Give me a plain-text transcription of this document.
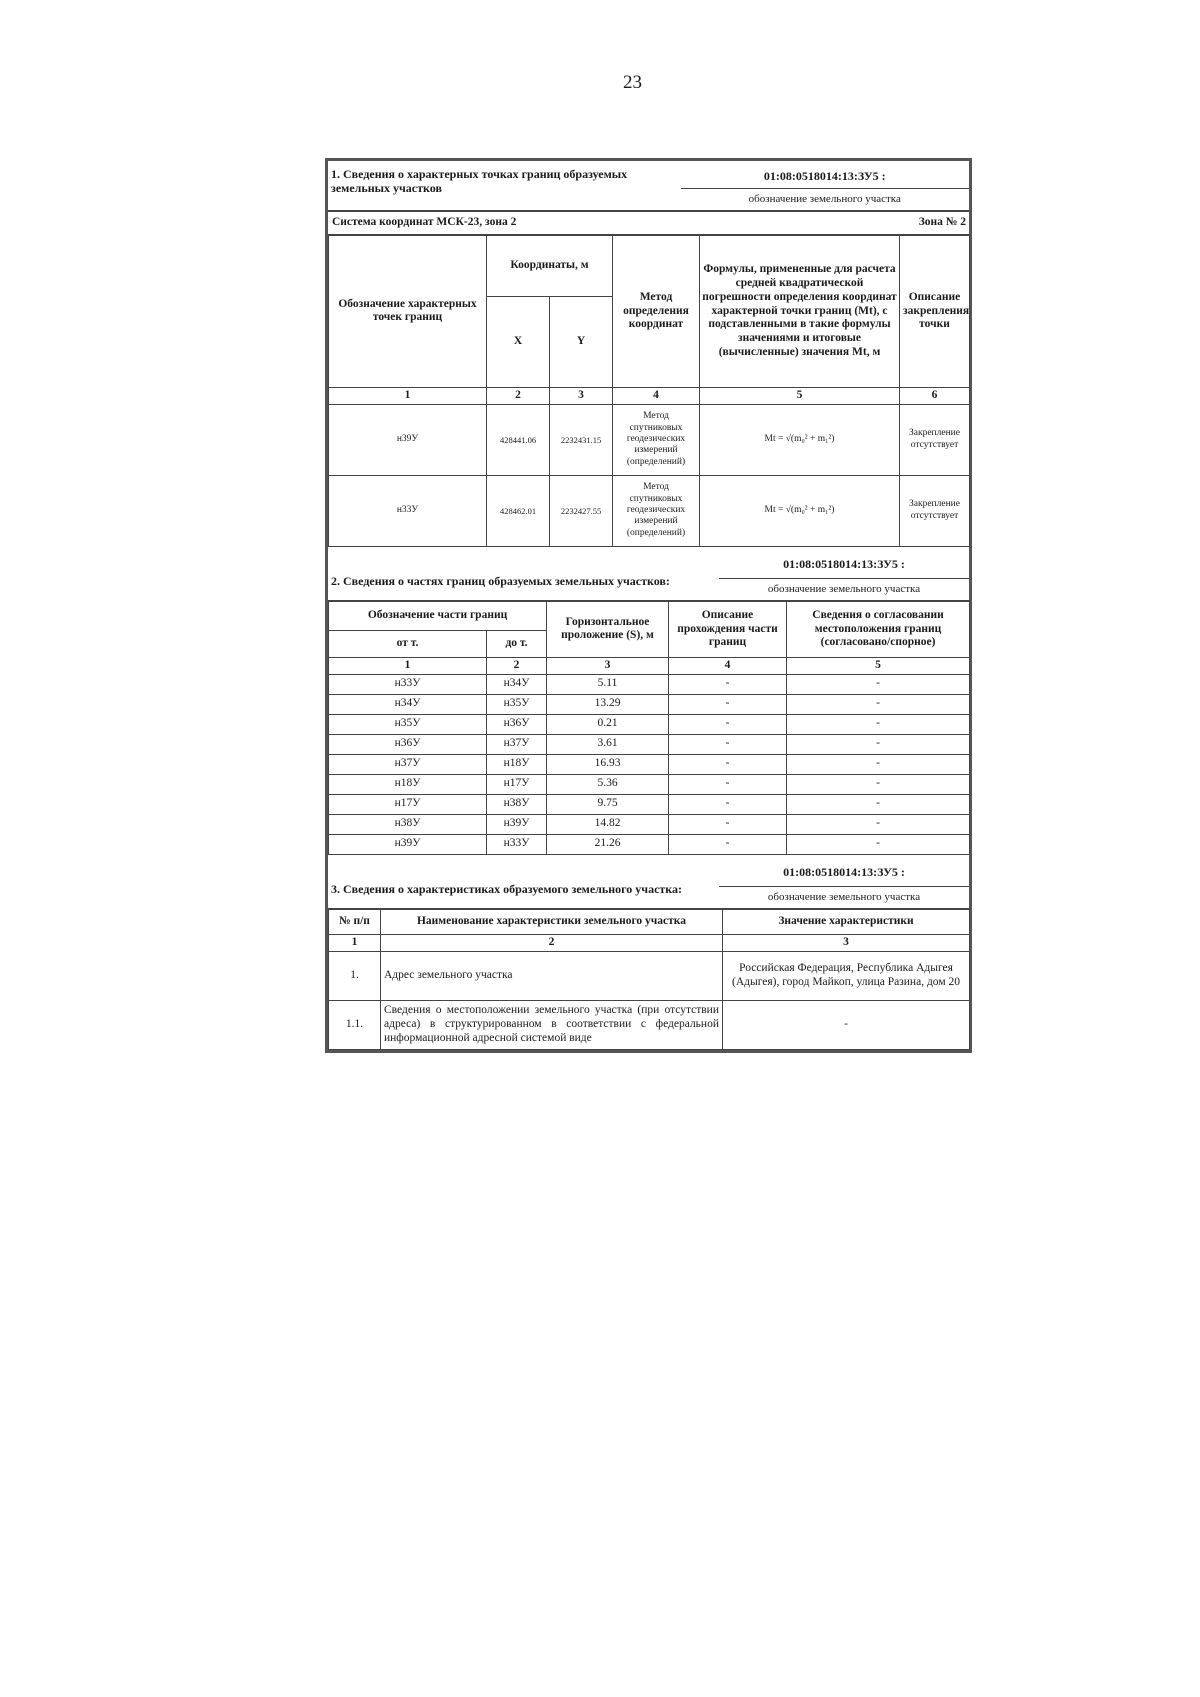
23
1. Сведения о характерных точках границ образуемых земельных участков	01:08:0518014:13:ЗУ5 :
обозначение земельного участка
Система координат МСК-23, зона 2	Зона № 2
Обозначение характерных точек границ	Координаты, м		Метод определения координат	Формулы, примененные для расчета средней квадратической погрешности определения координат характерной точки границ (Mt), с подставленными в такие формулы значениями и итоговые (вычисленные) значения Mt, м	Описание закрепления точки
	X	Y			
1	2	3	4	5	6
н39У	428441.06	2232431.15	Метод спутниковых геодезических измерений (определений)	Mt = √(m₀² + m₁²)	Закрепление отсутствует
н33У	428462.01	2232427.55	Метод спутниковых геодезических измерений (определений)	Mt = √(m₀² + m₁²)	Закрепление отсутствует
2. Сведения о частях границ образуемых земельных участков:	01:08:0518014:13:ЗУ5 :
обозначение земельного участка
Обозначение части границ		Горизонтальное проложение (S), м	Описание прохождения части границ	Сведения о согласовании местоположения границ (согласовано/спорное)
от т.	до т.			
1	2	3	4	5
н33У	н34У	5.11	-	-
н34У	н35У	13.29	-	-
н35У	н36У	0.21	-	-
н36У	н37У	3.61	-	-
н37У	н18У	16.93	-	-
н18У	н17У	5.36	-	-
н17У	н38У	9.75	-	-
н38У	н39У	14.82	-	-
н39У	н33У	21.26	-	-
3. Сведения о характеристиках образуемого земельного участка:	01:08:0518014:13:ЗУ5 :
обозначение земельного участка
№ п/п	Наименование характеристики земельного участка	Значение характеристики
1	2	3
1.	Адрес земельного участка	Российская Федерация, Республика Адыгея (Адыгея), город Майкоп, улица Разина, дом 20
1.1.	Сведения о местоположении земельного участка (при отсутствии адреса) в структурированном в соответствии с федеральной информационной адресной системой виде	-
